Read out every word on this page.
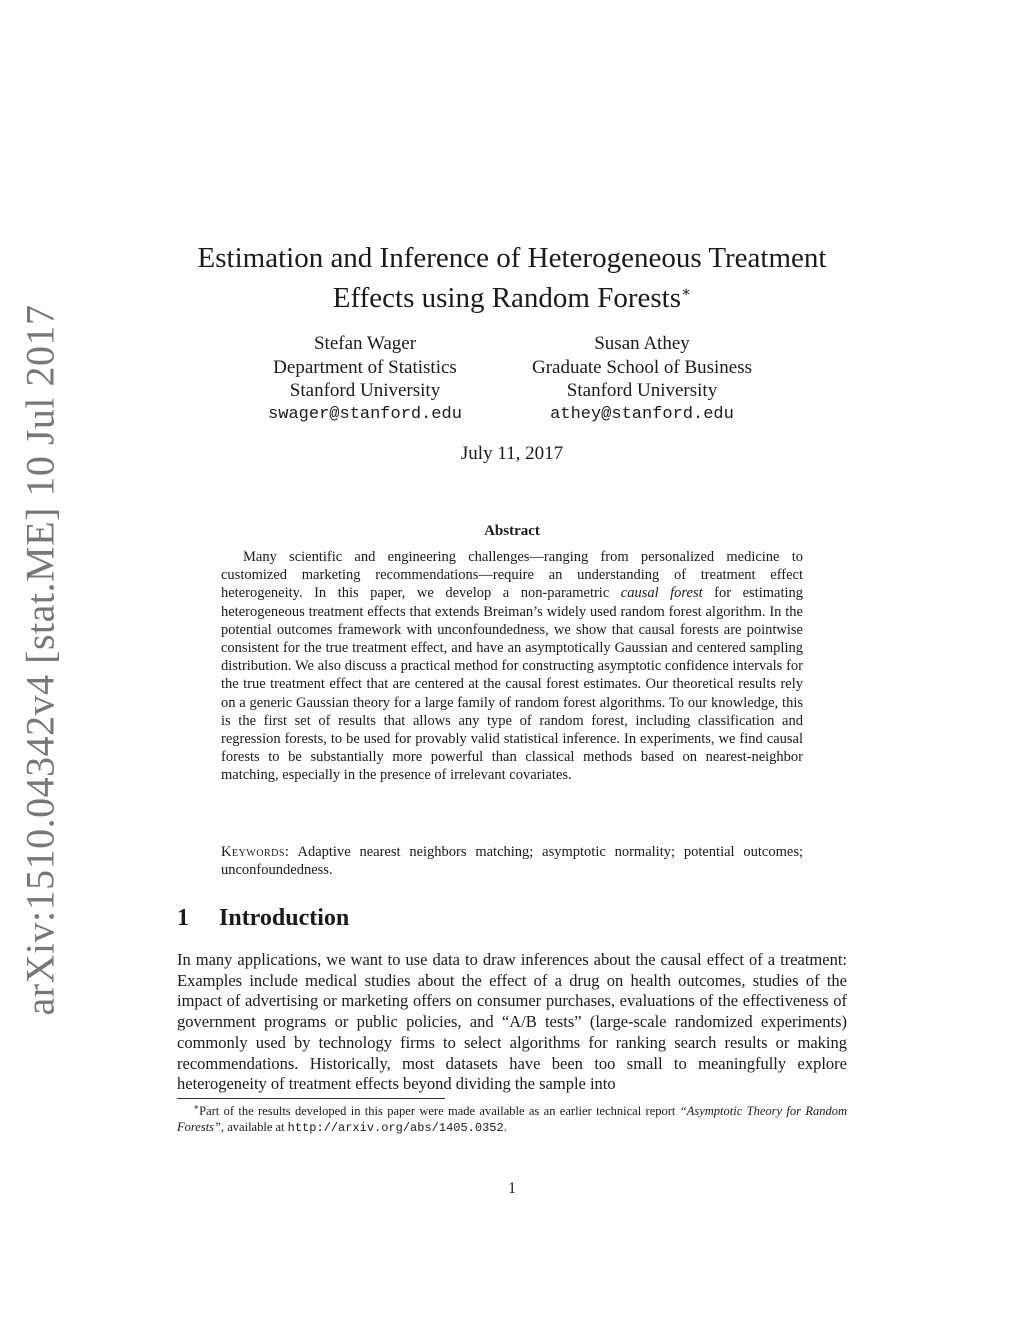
arXiv:1510.04342v4 [stat.ME] 10 Jul 2017
Estimation and Inference of Heterogeneous Treatment
Effects using Random Forests∗
Stefan Wager
Department of Statistics
Stanford University
swager@stanford.edu
Susan Athey
Graduate School of Business
Stanford University
athey@stanford.edu
July 11, 2017
Abstract

Many scientific and engineering challenges—ranging from personalized medicine to customized marketing recommendations—require an understanding of treatment effect heterogeneity. In this paper, we develop a non-parametric causal forest for estimating heterogeneous treatment effects that extends Breiman’s widely used random forest algorithm. In the potential outcomes framework with unconfoundedness, we show that causal forests are pointwise consistent for the true treatment effect, and have an asymptotically Gaussian and centered sampling distribution. We also discuss a practical method for constructing asymptotic confidence intervals for the true treatment effect that are centered at the causal forest estimates. Our theoretical results rely on a generic Gaussian theory for a large family of random forest algorithms. To our knowledge, this is the first set of results that allows any type of random forest, including classification and regression forests, to be used for provably valid statistical inference. In experiments, we find causal forests to be substantially more powerful than classical methods based on nearest-neighbor matching, especially in the presence of irrelevant covariates.

Keywords: Adaptive nearest neighbors matching; asymptotic normality; potential outcomes; unconfoundedness.

1 Introduction

In many applications, we want to use data to draw inferences about the causal effect of a treatment: Examples include medical studies about the effect of a drug on health outcomes, studies of the impact of advertising or marketing offers on consumer purchases, evaluations of the effectiveness of government programs or public policies, and “A/B tests” (large-scale randomized experiments) commonly used by technology firms to select algorithms for ranking search results or making recommendations. Historically, most datasets have been too small to meaningfully explore heterogeneity of treatment effects beyond dividing the sample into

∗Part of the results developed in this paper were made available as an earlier technical report “Asymptotic Theory for Random Forests”, available at http://arxiv.org/abs/1405.0352.

1
